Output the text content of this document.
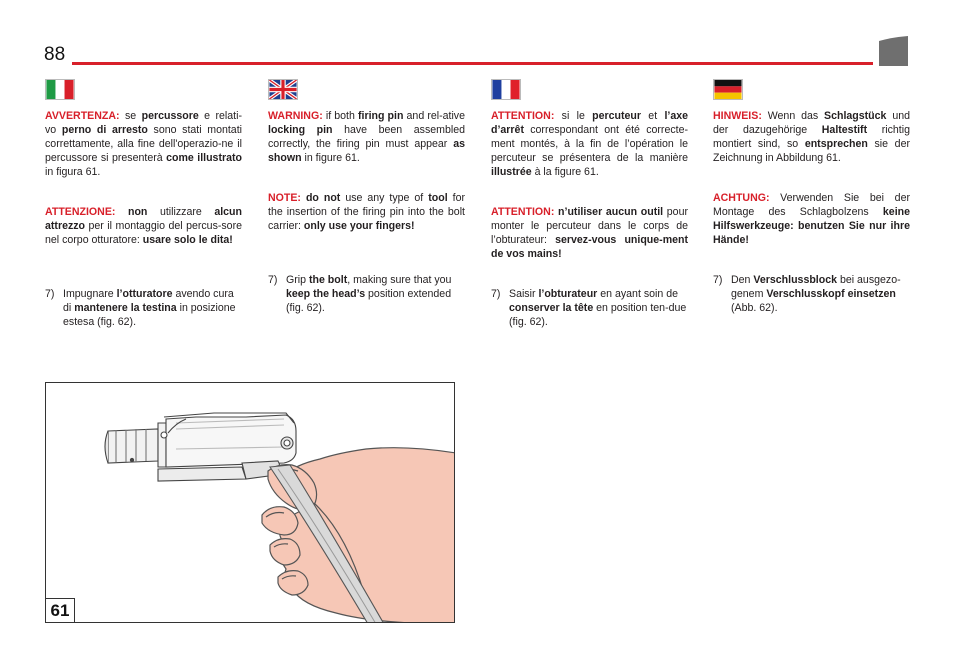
88

AVVERTENZA: se percussore e relati-vo perno di arresto sono stati montati correttamente, alla fine dell'operazio-ne il percussore si presenterà come illustrato in figura 61.

ATTENZIONE: non utilizzare alcun attrezzo per il montaggio del percus-sore nel corpo otturatore: usare solo le dita!

7) Impugnare l’otturatore avendo cura di mantenere la testina in posizione estesa (fig. 62).

WARNING: if both firing pin and rel-ative locking pin have been assembled correctly, the firing pin must appear as shown in figure 61.

NOTE: do not use any type of tool for the insertion of the firing pin into the bolt carrier: only use your fingers!

7) Grip the bolt, making sure that you keep the head’s position extended (fig. 62).

ATTENTION: si le percuteur et l’axe d’arrêt correspondant ont été correcte-ment montés, à la fin de l’opération le percuteur se présentera de la manière illustrée à la figure 61.

ATTENTION: n’utiliser aucun outil pour monter le percuteur dans le corps de l’obturateur: servez-vous unique-ment de vos mains!

7) Saisir l’obturateur en ayant soin de conserver la tête en position ten-due (fig. 62).

HINWEIS: Wenn das Schlagstück und der dazugehörige Haltestift richtig montiert sind, so entsprechen sie der Zeichnung in Abbildung 61.

ACHTUNG: Verwenden Sie bei der Montage des Schlagbolzens keine Hilfswerkzeuge: benutzen Sie nur ihre Hände!

7) Den Verschlussblock bei ausgezo-genem Verschlusskopf einsetzen (Abb. 62).
61
